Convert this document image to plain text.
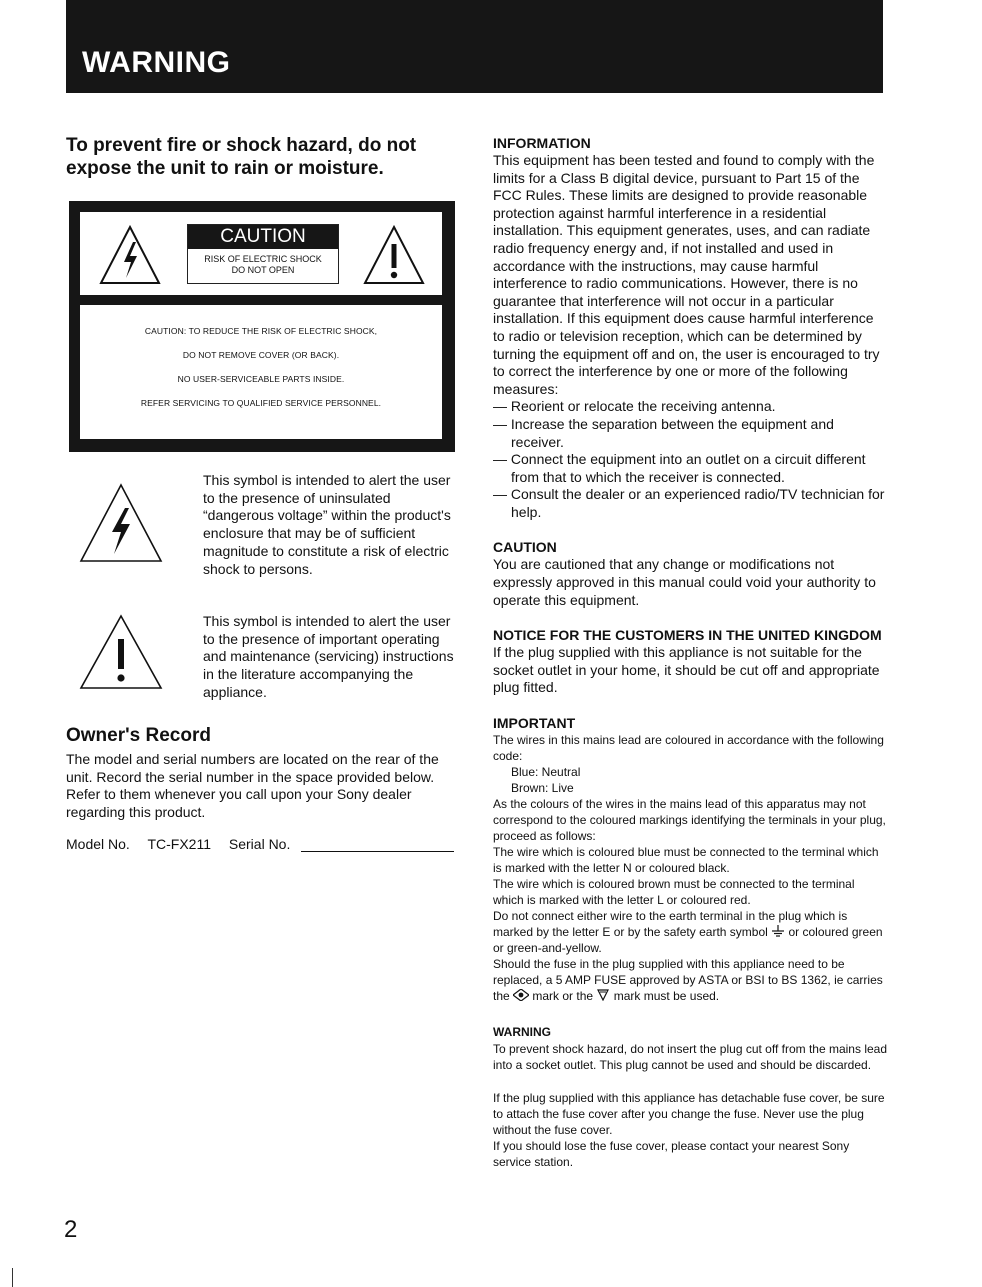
WARNING

To prevent fire or shock hazard, do not expose the unit to rain or moisture.

CAUTION
RISK OF ELECTRIC SHOCK
DO NOT OPEN
CAUTION: TO REDUCE THE RISK OF ELECTRIC SHOCK,
DO NOT REMOVE COVER (OR BACK).
NO USER-SERVICEABLE PARTS INSIDE.
REFER SERVICING TO QUALIFIED SERVICE PERSONNEL.
This symbol is intended to alert the user to the presence of uninsulated “dangerous voltage” within the product's enclosure that may be of sufficient magnitude to constitute a risk of electric shock to persons.
This symbol is intended to alert the user to the presence of important operating and maintenance (servicing) instructions in the literature accompanying the appliance.
Owner's Record

The model and serial numbers are located on the rear of the unit. Record the serial number in the space provided below. Refer to them whenever you call upon your Sony dealer regarding this product.

Model No. TC-FX211 Serial No.

INFORMATION

This equipment has been tested and found to comply with the limits for a Class B digital device, pursuant to Part 15 of the FCC Rules. These limits are designed to provide reasonable protection against harmful interference in a residential installation. This equipment generates, uses, and can radiate radio frequency energy and, if not installed and used in accordance with the instructions, may cause harmful interference to radio communications. However, there is no guarantee that interference will not occur in a particular installation. If this equipment does cause harmful interference to radio or television reception, which can be determined by turning the equipment off and on, the user is encouraged to try to correct the interference by one or more of the following measures:

— Reorient or relocate the receiving antenna.

— Increase the separation between the equipment and receiver.

— Connect the equipment into an outlet on a circuit different from that to which the receiver is connected.

— Consult the dealer or an experienced radio/TV technician for help.

CAUTION

You are cautioned that any change or modifications not expressly approved in this manual could void your authority to operate this equipment.

NOTICE FOR THE CUSTOMERS IN THE UNITED KINGDOM

If the plug supplied with this appliance is not suitable for the socket outlet in your home, it should be cut off and appropriate plug fitted.

IMPORTANT

The wires in this mains lead are coloured in accordance with the following code:

Blue: Neutral

Brown: Live

As the colours of the wires in the mains lead of this apparatus may not correspond to the coloured markings identifying the terminals in your plug, proceed as follows:

The wire which is coloured blue must be connected to the terminal which is marked with the letter N or coloured black.

The wire which is coloured brown must be connected to the terminal which is marked with the letter L or coloured red.

Do not connect either wire to the earth terminal in the plug which is marked by the letter E or by the safety earth symbol or coloured green or green-and-yellow.

Should the fuse in the plug supplied with this appliance need to be replaced, a 5 AMP FUSE approved by ASTA or BSI to BS 1362, ie carries the mark or the mark must be used.

WARNING

To prevent shock hazard, do not insert the plug cut off from the mains lead into a socket outlet. This plug cannot be used and should be discarded.

If the plug supplied with this appliance has detachable fuse cover, be sure to attach the fuse cover after you change the fuse. Never use the plug without the fuse cover.

If you should lose the fuse cover, please contact your nearest Sony service station.

2
